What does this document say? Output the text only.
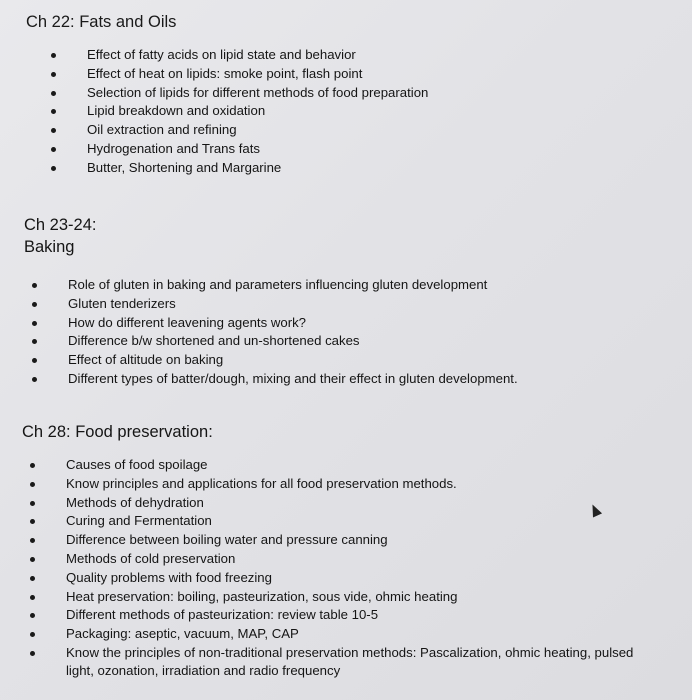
Ch 22: Fats and Oils
Effect of fatty acids on lipid state and behavior
Effect of heat on lipids: smoke point, flash point
Selection of lipids for different methods of food preparation
Lipid breakdown and oxidation
Oil extraction and refining
Hydrogenation and Trans fats
Butter, Shortening and Margarine
Ch 23-24:
Baking
Role of gluten in baking and parameters influencing gluten development
Gluten tenderizers
How do different leavening agents work?
Difference b/w shortened and un-shortened cakes
Effect of altitude on baking
Different types of batter/dough, mixing and their effect in gluten development.
Ch 28: Food preservation:
Causes of food spoilage
Know principles and applications for all food preservation methods.
Methods of dehydration
Curing and Fermentation
Difference between boiling water and pressure canning
Methods of cold preservation
Quality problems with food freezing
Heat preservation: boiling, pasteurization, sous vide, ohmic heating
Different methods of pasteurization: review table 10-5
Packaging: aseptic, vacuum, MAP, CAP
Know the principles of non-traditional preservation methods: Pascalization, ohmic heating, pulsed
light, ozonation, irradiation and radio frequency
